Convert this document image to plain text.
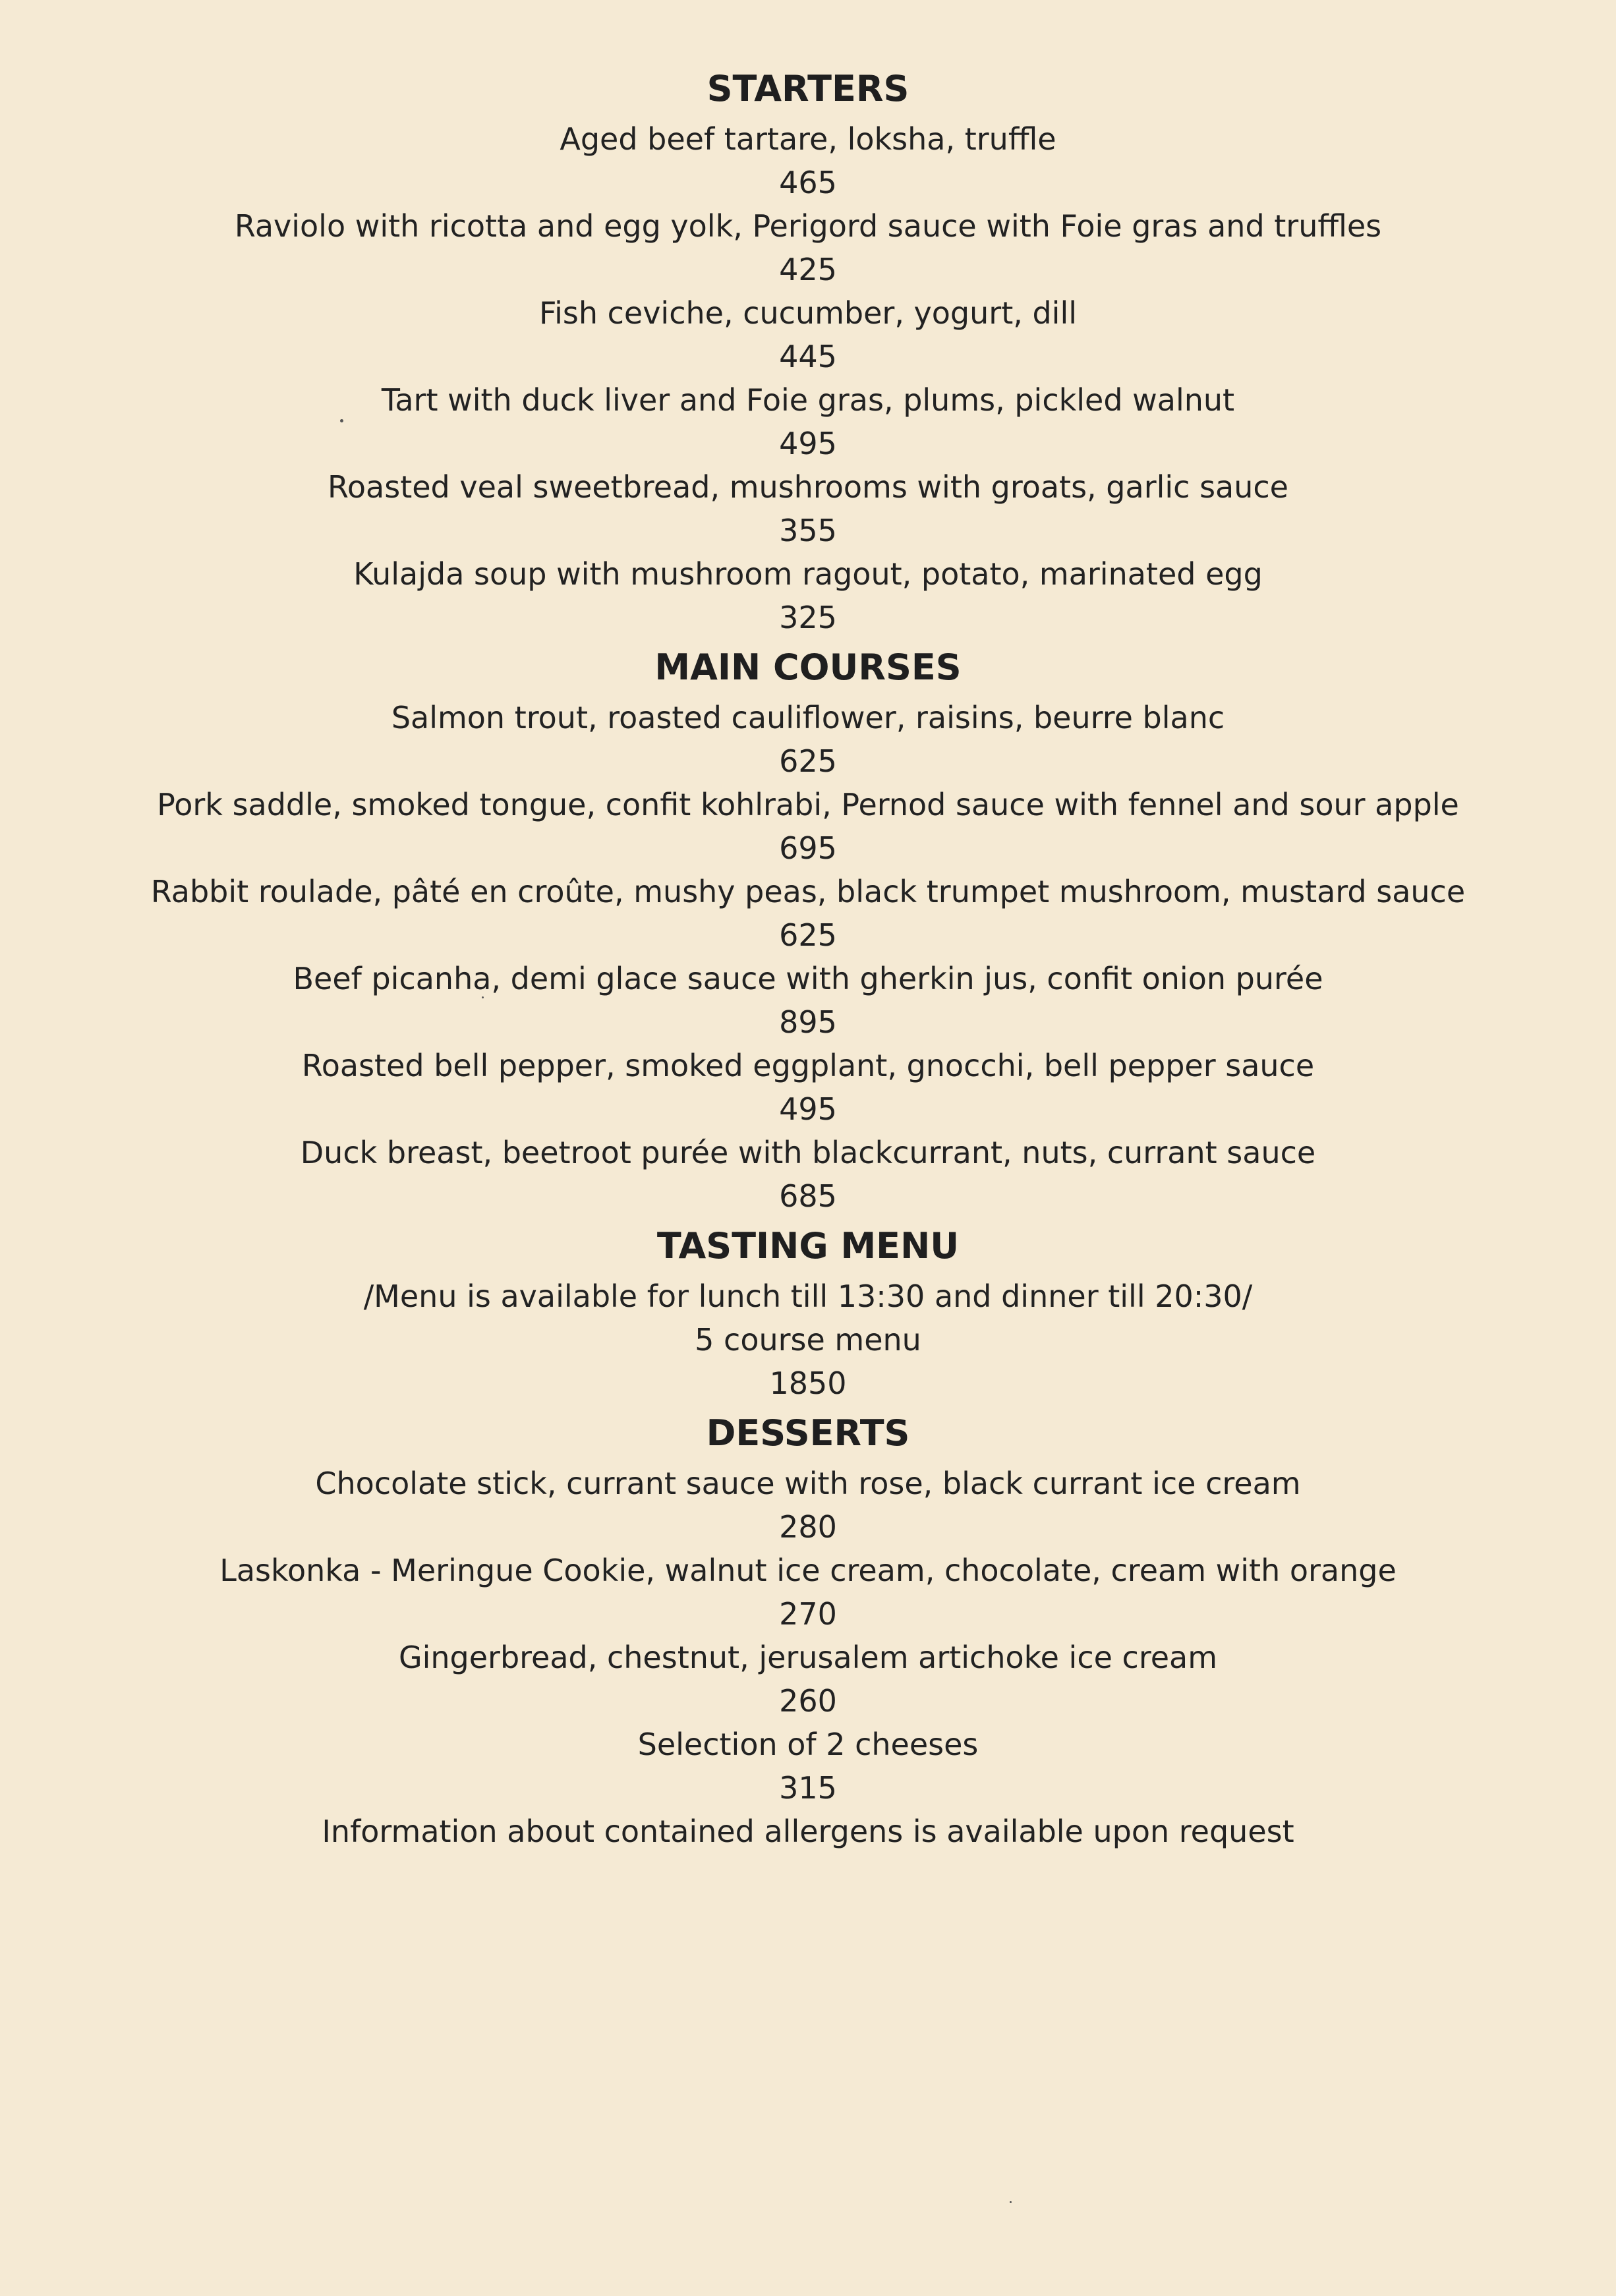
STARTERS

Aged beef tartare, loksha, truffle

465

Raviolo with ricotta and egg yolk, Perigord sauce with Foie gras and truffles

425

Fish ceviche, cucumber, yogurt, dill

445

Tart with duck liver and Foie gras, plums, pickled walnut

495

Roasted veal sweetbread, mushrooms with groats, garlic sauce

355

Kulajda soup with mushroom ragout, potato, marinated egg

325

MAIN COURSES

Salmon trout, roasted cauliflower, raisins, beurre blanc

625

Pork saddle, smoked tongue, confit kohlrabi, Pernod sauce with fennel and sour apple

695

Rabbit roulade, pâté en croûte, mushy peas, black trumpet mushroom, mustard sauce

625

Beef picanha, demi glace sauce with gherkin jus, confit onion purée

895

Roasted bell pepper, smoked eggplant, gnocchi, bell pepper sauce

495

Duck breast, beetroot purée with blackcurrant, nuts, currant sauce

685

TASTING MENU

/Menu is available for lunch till 13:30 and dinner till 20:30/

5 course menu

1850

DESSERTS

Chocolate stick, currant sauce with rose, black currant ice cream

280

Laskonka - Meringue Cookie, walnut ice cream, chocolate, cream with orange

270

Gingerbread, chestnut, jerusalem artichoke ice cream

260

Selection of 2 cheeses

315

Information about contained allergens is available upon request
